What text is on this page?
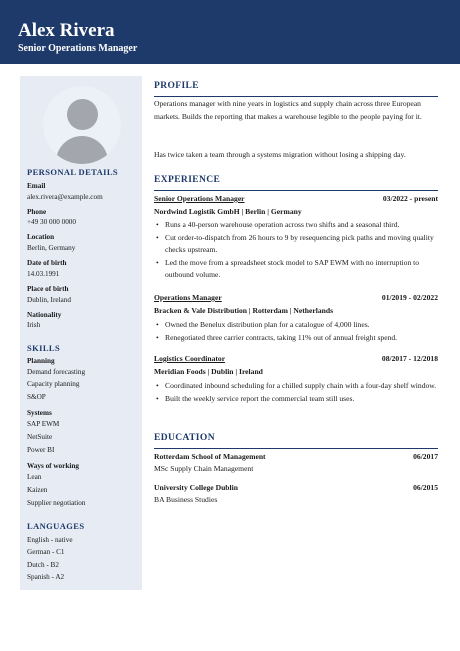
Alex Rivera
Senior Operations Manager
PERSONAL DETAILS
Email
alex.rivera@example.com
Phone
+49 30 000 0000
Location
Berlin, Germany
Date of birth
14.03.1991
Place of birth
Dublin, Ireland
Nationality
Irish
SKILLS
Planning
Demand forecasting
Capacity planning
S&OP
Systems
SAP EWM
NetSuite
Power BI
Ways of working
Lean
Kaizen
Supplier negotiation
LANGUAGES
English - native
German - C1
Dutch - B2
Spanish - A2
PROFILE
Operations manager with nine years in logistics and supply chain across three European markets. Builds the reporting that makes a warehouse legible to the people paying for it.
Has twice taken a team through a systems migration without losing a shipping day.
EXPERIENCE
Senior Operations Manager	03/2022 - present
Nordwind Logistik GmbH | Berlin | Germany
• Runs a 40-person warehouse operation across two shifts and a seasonal third.
• Cut order-to-dispatch from 26 hours to 9 by resequencing pick paths and moving quality checks upstream.
• Led the move from a spreadsheet stock model to SAP EWM with no interruption to outbound volume.
Operations Manager	01/2019 - 02/2022
Bracken & Vale Distribution | Rotterdam | Netherlands
• Owned the Benelux distribution plan for a catalogue of 4,000 lines.
• Renegotiated three carrier contracts, taking 11% out of annual freight spend.
Logistics Coordinator	08/2017 - 12/2018
Meridian Foods | Dublin | Ireland
• Coordinated inbound scheduling for a chilled supply chain with a four-day shelf window.
• Built the weekly service report the commercial team still uses.
EDUCATION
Rotterdam School of Management	06/2017
MSc Supply Chain Management
University College Dublin	06/2015
BA Business Studies
